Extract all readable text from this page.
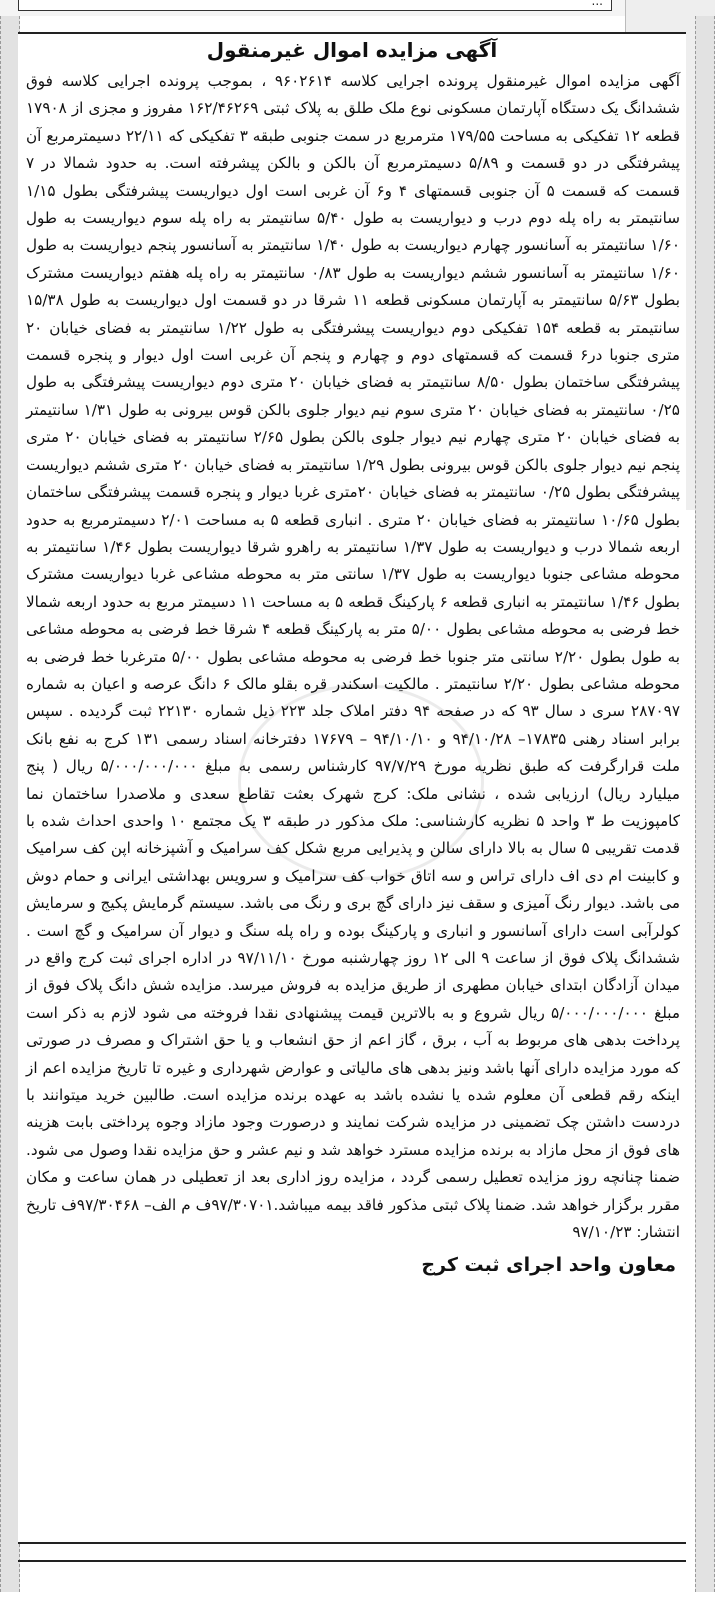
...
آگهی مزایده اموال غیرمنقول

آگهی مزایده اموال غیرمنقول پرونده اجرایی کلاسه ۹۶۰۲۶۱۴ ، بموجب پرونده اجرایی کلاسه فوق ششدانگ یک دستگاه آپارتمان مسکونی نوع ملک طلق به پلاک ثبتی ۱۶۲/۴۶۲۶۹ مفروز و مجزی از ۱۷۹۰۸ قطعه ۱۲ تفکیکی به مساحت ۱۷۹/۵۵ مترمربع در سمت جنوبی طبقه ۳ تفکیکی که ۲۲/۱۱ دسیمترمربع آن پیشرفتگی در دو قسمت و ۵/۸۹ دسیمترمربع آن بالکن و بالکن پیشرفته است. به حدود شمالا در ۷ قسمت که قسمت ۵ آن جنوبی قسمتهای ۴ و۶ آن غربی است اول دیواریست پیشرفتگی بطول ۱/۱۵ سانتیمتر به راه پله دوم درب و دیواریست به طول ۵/۴۰ سانتیمتر به راه پله سوم دیواریست به طول ۱/۶۰ سانتیمتر به آسانسور چهارم دیواریست به طول ۱/۴۰ سانتیمتر به آسانسور پنجم دیواریست به طول ۱/۶۰ سانتیمتر به آسانسور ششم دیواریست به طول ۰/۸۳ سانتیمتر به راه پله هفتم دیواریست مشترک بطول ۵/۶۳ سانتیمتر به آپارتمان مسکونی قطعه ۱۱ شرقا در دو قسمت اول دیواریست به طول ۱۵/۳۸ سانتیمتر به قطعه ۱۵۴ تفکیکی دوم دیواریست پیشرفتگی به طول ۱/۲۲ سانتیمتر به فضای خیابان ۲۰ متری جنوبا در۶ قسمت که قسمتهای دوم و چهارم و پنجم آن غربی است اول دیوار و پنجره قسمت پیشرفتگی ساختمان بطول ۸/۵۰ سانتیمتر به فضای خیابان ۲۰ متری دوم دیواریست پیشرفتگی به طول ۰/۲۵ سانتیمتر به فضای خیابان ۲۰ متری سوم نیم دیوار جلوی بالکن قوس بیرونی به طول ۱/۳۱ سانتیمتر به فضای خیابان ۲۰ متری چهارم نیم دیوار جلوی بالکن بطول ۲/۶۵ سانتیمتر به فضای خیابان ۲۰ متری پنجم نیم دیوار جلوی بالکن قوس بیرونی بطول ۱/۲۹ سانتیمتر به فضای خیابان ۲۰ متری ششم دیواریست پیشرفتگی بطول ۰/۲۵ سانتیمتر به فضای خیابان ۲۰متری غربا دیوار و پنجره قسمت پیشرفتگی ساختمان بطول ۱۰/۶۵ سانتیمتر به فضای خیابان ۲۰ متری . انباری قطعه ۵ به مساحت ۲/۰۱ دسیمترمربع به حدود اربعه شمالا درب و دیواریست به طول ۱/۳۷ سانتیمتر به راهرو شرقا دیواریست بطول ۱/۴۶ سانتیمتر به محوطه مشاعی جنوبا دیواریست به طول ۱/۳۷ سانتی متر به محوطه مشاعی غربا دیواریست مشترک بطول ۱/۴۶ سانتیمتر به انباری قطعه ۶ پارکینگ قطعه ۵ به مساحت ۱۱ دسیمتر مربع به حدود اربعه شمالا خط فرضی به محوطه مشاعی بطول ۵/۰۰ متر به پارکینگ قطعه ۴ شرقا خط فرضی به محوطه مشاعی به طول بطول ۲/۲۰ سانتی متر جنوبا خط فرضی به محوطه مشاعی بطول ۵/۰۰ مترغربا خط فرضی به محوطه مشاعی بطول ۲/۲۰ سانتیمتر . مالکیت اسکندر قره بقلو مالک ۶ دانگ عرصه و اعیان به شماره ۲۸۷۰۹۷ سری د سال ۹۳ که در صفحه ۹۴ دفتر املاک جلد ۲۲۳ ذیل شماره ۲۲۱۳۰ ثبت گردیده . سپس برابر اسناد رهنی ۱۷۸۳۵– ۹۴/۱۰/۲۸ و ۹۴/۱۰/۱۰ – ۱۷۶۷۹ دفترخانه اسناد رسمی ۱۳۱ کرج به نفع بانک ملت قرارگرفت که طبق نظریه مورخ ۹۷/۷/۲۹ کارشناس رسمی به مبلغ ۵/۰۰۰/۰۰۰/۰۰۰ ریال ( پنج میلیارد ریال) ارزیابی شده ، نشانی ملک: کرج شهرک بعثت تقاطع سعدی و ملاصدرا ساختمان نما کامپوزیت ط ۳ واحد ۵ نظریه کارشناسی: ملک مذکور در طبقه ۳ یک مجتمع ۱۰ واحدی احداث شده با قدمت تقریبی ۵ سال به بالا دارای سالن و پذیرایی مربع شکل کف سرامیک و آشپزخانه اپن کف سرامیک و کابینت ام دی اف دارای تراس و سه اتاق خواب کف سرامیک و سرویس بهداشتی ایرانی و حمام دوش می باشد. دیوار رنگ آمیزی و سقف نیز دارای گچ بری و رنگ می باشد. سیستم گرمایش پکیج و سرمایش کولرآبی است دارای آسانسور و انباری و پارکینگ بوده و راه پله سنگ و دیوار آن سرامیک و گچ است . ششدانگ پلاک فوق از ساعت ۹ الی ۱۲ روز چهارشنبه مورخ ۹۷/۱۱/۱۰ در اداره اجرای ثبت کرج واقع در میدان آزادگان ابتدای خیابان مطهری از طریق مزایده به فروش میرسد. مزایده شش دانگ پلاک فوق از مبلغ ۵/۰۰۰/۰۰۰/۰۰۰ ریال شروع و به بالاترین قیمت پیشنهادی نقدا فروخته می شود لازم به ذکر است پرداخت بدهی های مربوط به آب ، برق ، گاز اعم از حق انشعاب و یا حق اشتراک و مصرف در صورتی که مورد مزایده دارای آنها باشد ونیز بدهی های مالیاتی و عوارض شهرداری و غیره تا تاریخ مزایده اعم از اینکه رقم قطعی آن معلوم شده یا نشده باشد به عهده برنده مزایده است. طالبین خرید میتوانند با دردست داشتن چک تضمینی در مزایده شرکت نمایند و درصورت وجود مازاد وجوه پرداختی بابت هزینه های فوق از محل مازاد به برنده مزایده مسترد خواهد شد و نیم عشر و حق مزایده نقدا وصول می شود. ضمنا چنانچه روز مزایده تعطیل رسمی گردد ، مزایده روز اداری بعد از تعطیلی در همان ساعت و مکان مقرر برگزار خواهد شد. ضمنا پلاک ثبتی مذکور فاقد بیمه میباشد.۹۷/۳۰۷۰۱ف م الف– ۹۷/۳۰۴۶۸ف تاریخ انتشار: ۹۷/۱۰/۲۳

معاون واحد اجرای ثبت کرج
